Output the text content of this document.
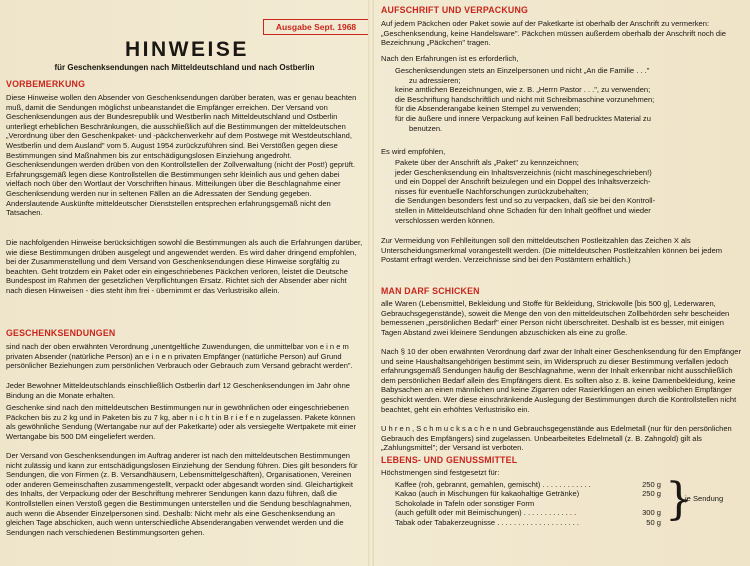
Ausgabe Sept. 1968
HINWEISE
für Geschenksendungen nach Mitteldeutschland und nach Ostberlin
VORBEMERKUNG

Diese Hinweise wollen den Absender von Geschenksendungen darüber beraten, was er genau beachten muß, damit die Sendungen möglichst unbeanstandet die Empfänger erreichen. Der Versand von Geschenksendungen aus der Bundesrepublik und Westberlin nach Mitteldeutschland und Ostberlin unterliegt erheblichen Beschränkungen, die ausschließlich auf die Bestimmungen der mitteldeutschen „Verordnung über den Geschenkpaket- und -päckchenverkehr auf dem Postwege mit Westdeutschland, Westberlin und dem Ausland" vom 5. August 1954 zurückzuführen sind. Bei Verstößen gegen diese Bestimmungen sind Maßnahmen bis zur entschädigungslosen Einziehung angedroht. Geschenksendungen werden drüben von den Kontrollstellen der Zollverwaltung (nicht der Post!) geprüft. Erfahrungsgemäß legen diese Kontrollstellen die Bestimmungen sehr kleinlich aus und gehen dabei vielfach noch über den Wortlaut der Vorschriften hinaus. Mitteilungen über die Beschlagnahme einer Geschenksendung werden nur in seltenen Fällen an die Adressaten der Sendung gegeben. Anderslautende Auskünfte mitteldeutscher Dienststellen entsprechen erfahrungsgemäß nicht den Tatsachen.

Die nachfolgenden Hinweise berücksichtigen sowohl die Bestimmungen als auch die Erfahrungen darüber, wie diese Bestimmungen drüben ausgelegt und angewendet werden. Es wird daher dringend empfohlen, bei der Zusammenstellung und dem Versand von Geschenksendungen diese Hinweise sorgfältig zu beachten. Geht trotzdem ein Paket oder ein eingeschriebenes Päckchen verloren, leistet die Deutsche Bundespost im Rahmen der gesetzlichen Verpflichtungen Ersatz. Richtet sich der Absender aber nicht nach diesen Hinweisen - dies steht ihm frei - übernimmt er das Verlustrisiko allein.

GESCHENKSENDUNGEN

sind nach der oben erwähnten Verordnung „unentgeltliche Zuwendungen, die unmittelbar von e i n e m privaten Absender (natürliche Person) an e i n e n privaten Empfänger (natürliche Person) auf Grund persönlicher Beziehungen zum persönlichen Verbrauch oder Gebrauch zum Versand gebracht werden".

Jeder Bewohner Mitteldeutschlands einschließlich Ostberlin darf 12 Geschenksendungen im Jahr ohne Bindung an die Monate erhalten.

Geschenke sind nach den mitteldeutschen Bestimmungen nur in gewöhnlichen oder eingeschriebenen Päckchen bis zu 2 kg und in Paketen bis zu 7 kg, aber n i c h t in B r i e f e n zugelassen. Pakete können als gewöhnliche Sendung (Wertangabe nur auf der Paketkarte) oder als versiegelte Wertpakete mit einer Wertangabe bis 500 DM eingeliefert werden.

Der Versand von Geschenksendungen im Auftrag anderer ist nach den mitteldeutschen Bestimmungen nicht zulässig und kann zur entschädigungslosen Einziehung der Sendung führen. Dies gilt besonders für Sendungen, die von Firmen (z. B. Versandhäusern, Lebensmittelgeschäften), Organisationen, Vereinen oder anderen Gemeinschaften zusammengestellt, verpackt oder abgesandt worden sind. Gleichartigkeit des Inhalts, der Verpackung oder der Beschriftung mehrerer Sendungen kann dazu führen, daß die Kontrollstellen einen Verstoß gegen die Bestimmungen unterstellen und die Sendung beschlagnahmen, auch wenn die Absender Einzelpersonen sind. Deshalb: Nicht mehr als eine Geschenksendung an gleichen Tage abschicken, auch wenn unterschiedliche Absenderangaben verwendet werden und die Sendungen nach verschiedenen Bestimmungsorten gehen.

AUFSCHRIFT UND VERPACKUNG

Auf jedem Päckchen oder Paket sowie auf der Paketkarte ist oberhalb der Anschrift zu vermerken: „Geschenksendung, keine Handelsware". Päckchen müssen außerdem oberhalb der Anschrift noch die Bezeichnung „Päckchen" tragen.

Nach den Erfahrungen ist es erforderlich,

Geschenksendungen stets an Einzelpersonen und nicht „An die Familie . . ."
zu adressieren;
keine amtlichen Bezeichnungen, wie z. B. „Herrn Pastor . . .", zu verwenden;
die Beschriftung handschriftlich und nicht mit Schreibmaschine vorzunehmen;
für die Absenderangabe keinen Stempel zu verwenden;
für die äußere und innere Verpackung auf keinen Fall bedrucktes Material zu
benutzen.

Es wird empfohlen,

Pakete über der Anschrift als „Paket" zu kennzeichnen;
jeder Geschenksendung ein Inhaltsverzeichnis (nicht maschinegeschrieben!)
und ein Doppel der Anschrift beizulegen und ein Doppel des Inhaltsverzeich-
nisses für eventuelle Nachforschungen zurückzubehalten;
die Sendungen besonders fest und so zu verpacken, daß sie bei den Kontroll-
stellen in Mitteldeutschland ohne Schaden für den Inhalt geöffnet und wieder
verschlossen werden können.

Zur Vermeidung von Fehlleitungen soll den mitteldeutschen Postleitzahlen das Zeichen X als Unterscheidungsmerkmal vorangestellt werden. (Die mitteldeutschen Postleitzahlen können bei jedem Postamt erfragt werden. Verzeichnisse sind bei den Postämtern erhältlich.)

MAN DARF SCHICKEN

alle Waren (Lebensmittel, Bekleidung und Stoffe für Bekleidung, Strickwolle [bis 500 g], Lederwaren, Gebrauchsgegenstände), soweit die Menge den von den mitteldeutschen Zollbehörden sehr bescheiden bemessenen „persönlichen Bedarf" einer Person nicht überschreitet. Deshalb ist es besser, mit einigen Tagen Abstand zwei kleinere Sendungen abzuschicken als eine zu große.

Nach § 10 der oben erwähnten Verordnung darf zwar der Inhalt einer Geschenksendung für den Empfänger und seine Haushaltsangehörigen bestimmt sein, im Widerspruch zu dieser Bestimmung verfallen jedoch erfahrungsgemäß Sendungen häufig der Beschlagnahme, wenn der Inhalt erkennbar nicht ausschließlich dem persönlichen Bedarf allein des Empfängers dient. Es sollten also z. B. keine Damenbekleidung, keine Babysachen an einen männlichen und keine Zigarren oder Rasierklingen an einen weiblichen Empfänger geschickt werden. Wer diese einschränkende Auslegung der Bestimmungen durch die Kontrollstellen nicht beachtet, geht ein erhöhtes Verlustrisiko ein.

U h r e n , S c h m u c k s a c h e n und Gebrauchsgegenstände aus Edelmetall (nur für den persönlichen Gebrauch des Empfängers) sind zugelassen. Unbearbeitetes Edelmetall (z. B. Zahngold) gilt als „Zahlungsmittel"; der Versand ist verboten.

LEBENS- UND GENUSSMITTEL

Höchstmengen sind festgesetzt für:

Kaffee (roh, gebrannt, gemahlen, gemischt) . . . . . . . . . . . .	250 g
Kakao (auch in Mischungen für kakaohaltige Getränke)	250 g
Schokolade in Tafeln oder sonstiger Form
(auch gefüllt oder mit Beimischungen) . . . . . . . . . . . . .	300 g
Tabak oder Tabakerzeugnisse . . . . . . . . . . . . . . . . . . . .	50 g }
je Sendung
